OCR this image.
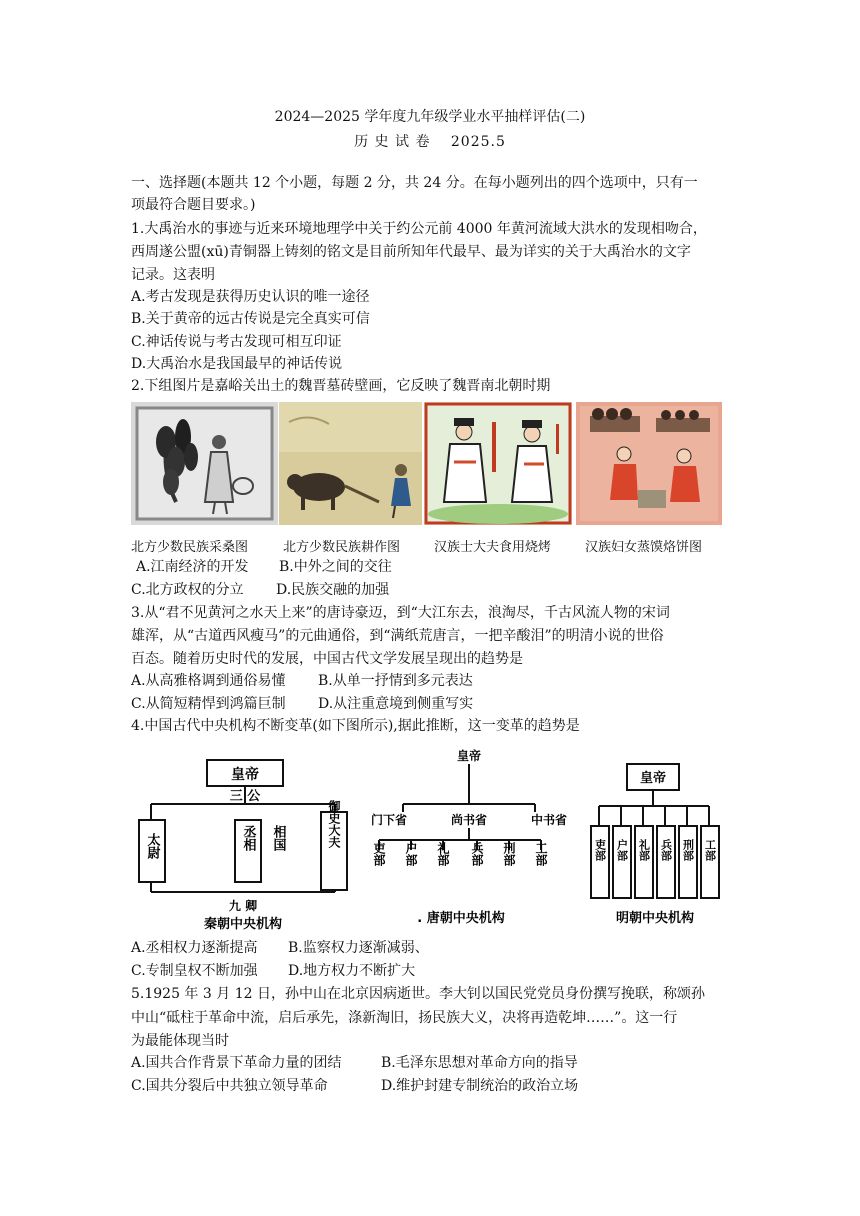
2024—2025 学年度九年级学业水平抽样评估(二)
历 史 试 卷　 2025.5
一、选择题(本题共 12 个小题，每题 2 分，共 24 分。在每小题列出的四个选项中，只有一
项最符合题目要求。)
1.大禹治水的事迹与近来环境地理学中关于约公元前 4000 年黄河流域大洪水的发现相吻合，
西周遂公盟(xū)青铜器上铸刻的铭文是目前所知年代最早、最为详实的关于大禹治水的文字
记录。这表明
A.考古发现是获得历史认识的唯一途径
B.关于黄帝的远古传说是完全真实可信
C.神话传说与考古发现可相互印证
D.大禹治水是我国最早的神话传说
2.下组图片是嘉峪关出土的魏晋墓砖壁画，它反映了魏晋南北朝时期
北方少数民族采桑图	北方少数民族耕作图	汉族士大夫食用烧烤	汉族妇女蒸馍烙饼图
A.江南经济的开发 B.中外之间的交往
C.北方政权的分立 D.民族交融的加强
3.从“君不见黄河之水天上来”的唐诗豪迈，到“大江东去，浪淘尽，千古风流人物的宋词
雄浑，从“古道西风瘦马”的元曲通俗，到“满纸荒唐言，一把辛酸泪”的明清小说的世俗
百态。随着历史时代的发展，中国古代文学发展呈现出的趋势是
A.从高雅格调到通俗易懂 B.从单一抒情到多元表达
C.从简短精悍到鸿篇巨制 D.从注重意境到侧重写实
4.中国古代中央机构不断变革(如下图所示),据此推断，这一变革的趋势是
皇帝
三 公
太尉	丞相 相国	御史大夫
九 卿
秦朝中央机构
皇帝
门下省	尚书省	中书省
吏部 户部 礼部 兵部 刑部 工部
. 唐朝中央机构
皇帝
吏部 户部 礼部 兵部 刑部 工部
明朝中央机构
A.丞相权力逐渐提高 B.监察权力逐渐减弱、
C.专制皇权不断加强 D.地方权力不断扩大
5.1925 年 3 月 12 日，孙中山在北京因病逝世。李大钊以国民党党员身份撰写挽联，称颂孙
中山“砥柱于革命中流，启后承先，涤新淘旧，扬民族大义，决将再造乾坤……”。这一行
为最能体现当时
A.国共合作背景下革命力量的团结	B.毛泽东思想对革命方向的指导
C.国共分裂后中共独立领导革命	D.维护封建专制统治的政治立场
